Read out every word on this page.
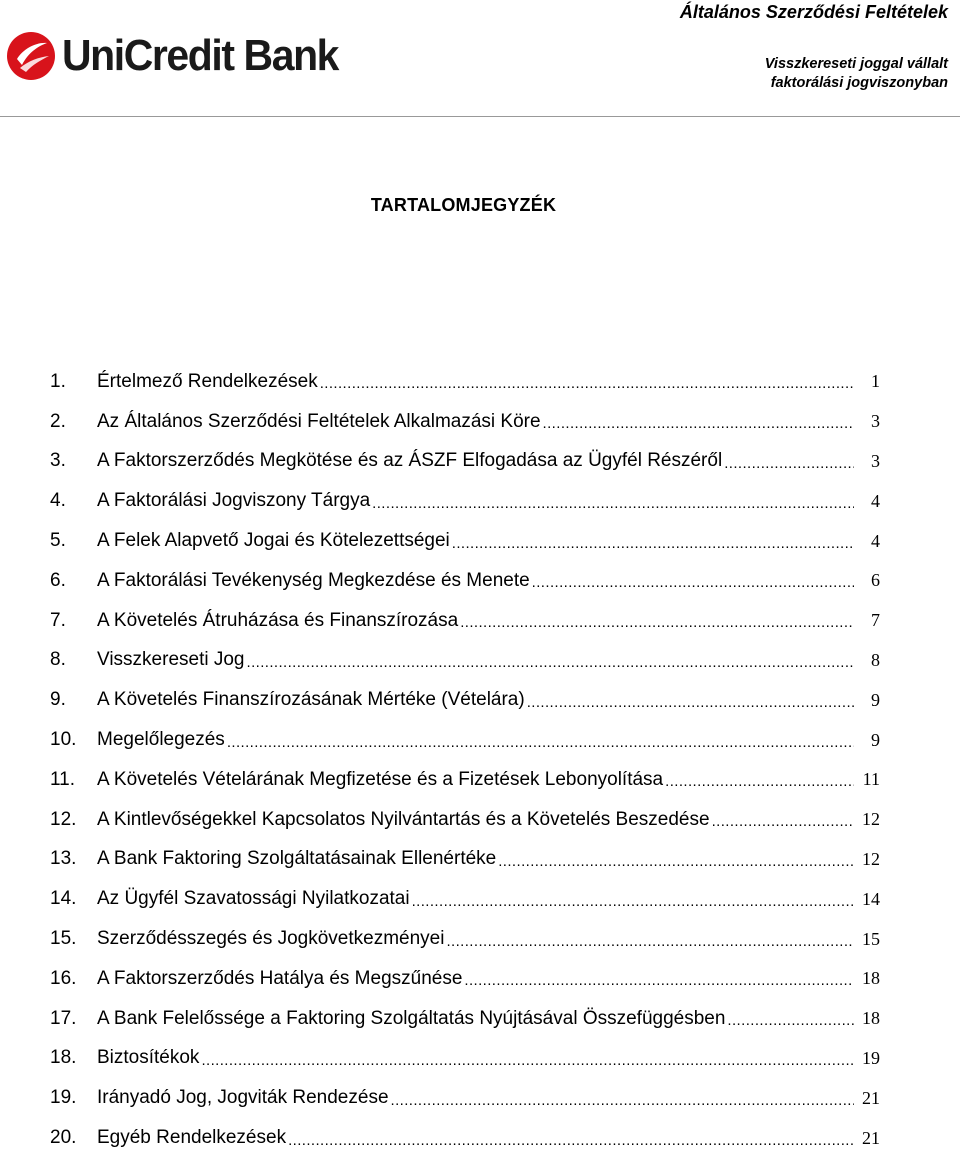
UniCredit Bank
Általános Szerződési Feltételek
Visszkereseti joggal vállalt
faktorálási jogviszonyban
TARTALOMJEGYZÉK
1.	Értelmező Rendelkezések .....	1
2.	Az Általános Szerződési Feltételek Alkalmazási Köre .....	3
3.	A Faktorszerződés Megkötése és az ÁSZF Elfogadása az Ügyfél Részéről .....	3
4.	A Faktorálási Jogviszony Tárgya .....	4
5.	A Felek Alapvető Jogai és Kötelezettségei .....	4
6.	A Faktorálási Tevékenység Megkezdése és Menete .....	6
7.	A Követelés Átruházása és Finanszírozása .....	7
8.	Visszkereseti Jog .....	8
9.	A Követelés Finanszírozásának Mértéke (Vételára) .....	9
10.	Megelőlegezés .....	9
11.	A Követelés Vételárának Megfizetése és a Fizetések Lebonyolítása .....	11
12.	A Kintlevőségekkel Kapcsolatos Nyilvántartás és a Követelés Beszedése .....	12
13.	A Bank Faktoring Szolgáltatásainak Ellenértéke .....	12
14.	Az Ügyfél Szavatossági Nyilatkozatai .....	14
15.	Szerződésszegés és Jogkövetkezményei .....	15
16.	A Faktorszerződés Hatálya és Megszűnése .....	18
17.	A Bank Felelőssége a Faktoring Szolgáltatás Nyújtásával Összefüggésben .....	18
18.	Biztosítékok .....	19
19.	Irányadó Jog, Jogviták Rendezése .....	21
20.	Egyéb Rendelkezések .....	21
